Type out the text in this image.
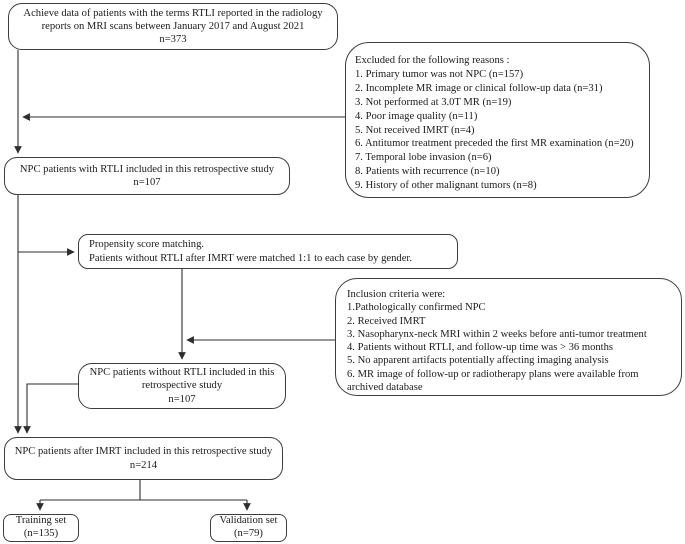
Achieve data of patients with the terms RTLI reported in the radiology
reports on MRI scans between January 2017 and August 2021
n=373
Excluded for the following reasons :
1. Primary tumor was not NPC (n=157)
2. Incomplete MR image or clinical follow-up data (n=31)
3. Not performed at 3.0T MR (n=19)
4. Poor image quality (n=11)
5. Not received IMRT (n=4)
6. Antitumor treatment preceded the first MR examination (n=20)
7. Temporal lobe invasion (n=6)
8. Patients with recurrence (n=10)
9. History of other malignant tumors (n=8)
NPC patients with RTLI included in this retrospective study
n=107
Propensity score matching.
Patients without RTLI after IMRT were matched 1:1 to each case by gender.
Inclusion criteria were:
1.Pathologically confirmed NPC
2. Received IMRT
3. Nasopharynx-neck MRI within 2 weeks before anti-tumor treatment
4. Patients without RTLI, and follow-up time was > 36 months
5. No apparent artifacts potentially affecting imaging analysis
6. MR image of follow-up or radiotherapy plans were available from
archived database
NPC patients without RTLI included in this
retrospective study
n=107
NPC patients after IMRT included in this retrospective study
n=214
Training set
(n=135)
Validation set
(n=79)
